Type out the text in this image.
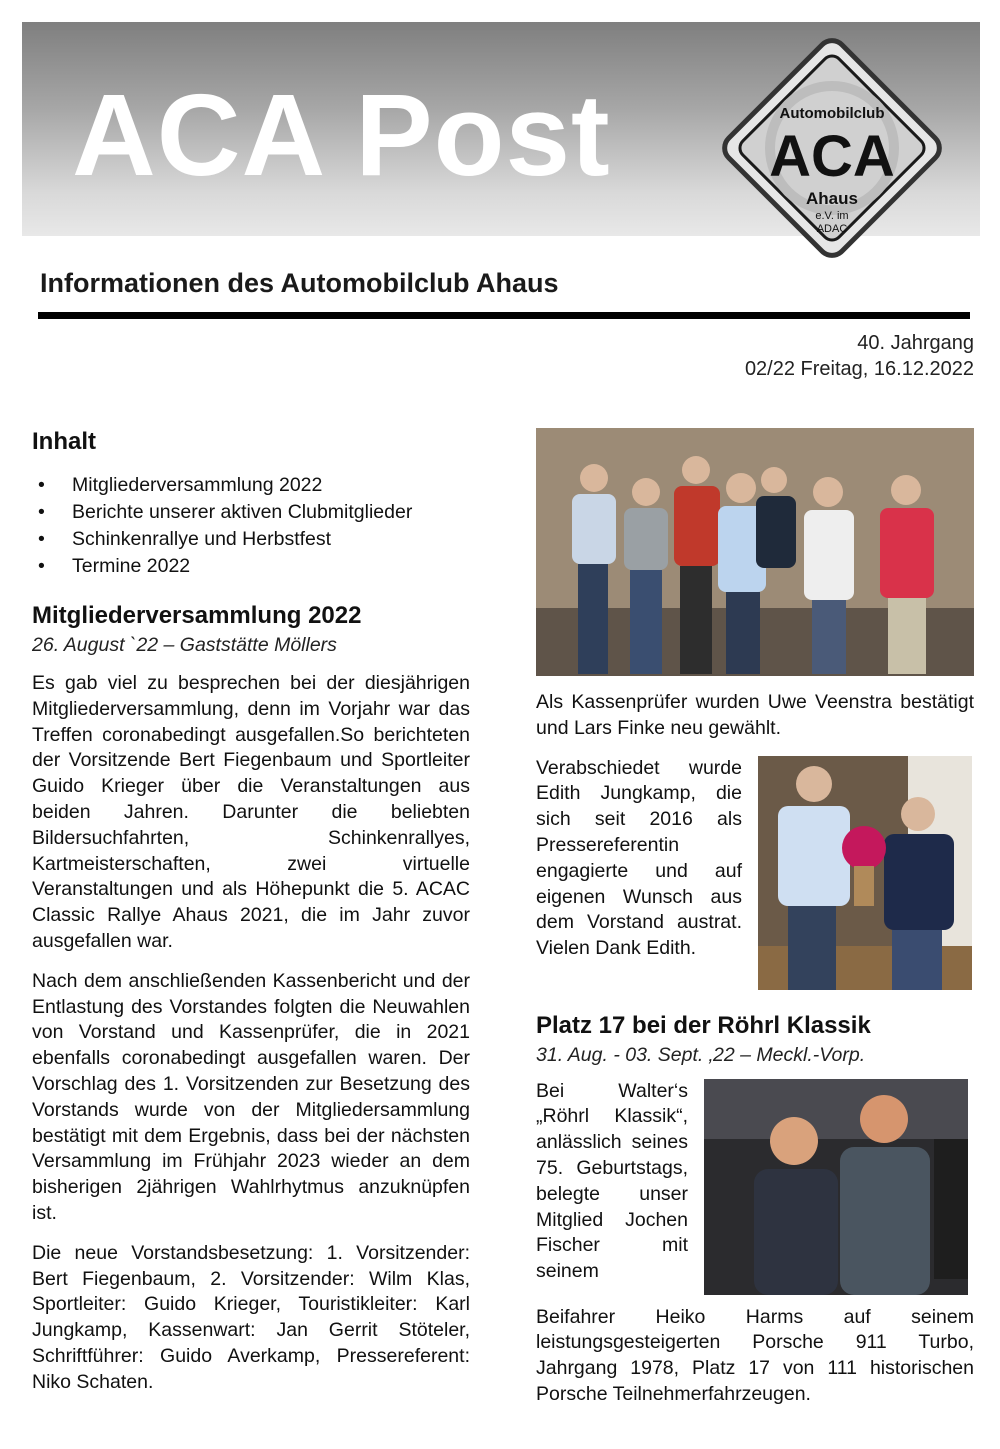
ACA Post	Automobilclub
ACA
Ahaus
e.V. im
ADAC
Informationen des Automobilclub Ahaus
40. Jahrgang
02/22 Freitag, 16.12.2022
Inhalt
• Mitgliederversammlung 2022
• Berichte unserer aktiven Clubmitglieder
• Schinkenrallye und Herbstfest
• Termine 2022
Mitgliederversammlung 2022
26. August `22 – Gaststätte Möllers

Es gab viel zu besprechen bei der diesjährigen Mitgliederversammlung, denn im Vorjahr war das Treffen coronabedingt ausgefallen.So berichteten der Vorsitzende Bert Fiegenbaum und Sportleiter Guido Krieger über die Veranstaltungen aus beiden Jahren. Darunter die beliebten Bildersuchfahrten, Schinkenrallyes, Kartmeisterschaften, zwei virtuelle Veranstaltungen und als Höhepunkt die 5. ACAC Classic Rallye Ahaus 2021, die im Jahr zuvor ausgefallen war.

Nach dem anschließenden Kassenbericht und der Entlastung des Vorstandes folgten die Neuwahlen von Vorstand und Kassenprüfer, die in 2021 ebenfalls coronabedingt ausgefallen waren. Der Vorschlag des 1. Vorsitzenden zur Besetzung des Vorstands wurde von der Mitgliedersammlung bestätigt mit dem Ergebnis, dass bei der nächsten Versammlung im Frühjahr 2023 wieder an dem bisherigen 2jährigen Wahlrhytmus anzuknüpfen ist.

Die neue Vorstandsbesetzung: 1. Vorsitzender: Bert Fiegenbaum, 2. Vorsitzender: Wilm Klas, Sportleiter: Guido Krieger, Touristikleiter: Karl Jungkamp, Kassenwart: Jan Gerrit Stöteler, Schriftführer: Guido Averkamp, Pressereferent: Niko Schaten.

Als Kassenprüfer wurden Uwe Veenstra bestätigt und Lars Finke neu gewählt.

Verabschiedet wurde Edith Jungkamp, die sich seit 2016 als Pressereferentin engagierte und auf eigenen Wunsch aus dem Vorstand austrat. Vielen Dank Edith.

Platz 17 bei der Röhrl Klassik
31. Aug. - 03. Sept. ‚22 – Meckl.-Vorp.

Bei Walter‘s „Röhrl Klassik“, anlässlich seines 75. Geburtstags, belegte unser Mitglied Jochen Fischer mit seinem

Beifahrer Heiko Harms auf seinem leistungsgesteigerten Porsche 911 Turbo, Jahrgang 1978, Platz 17 von 111 historischen Porsche Teilnehmerfahrzeugen.
